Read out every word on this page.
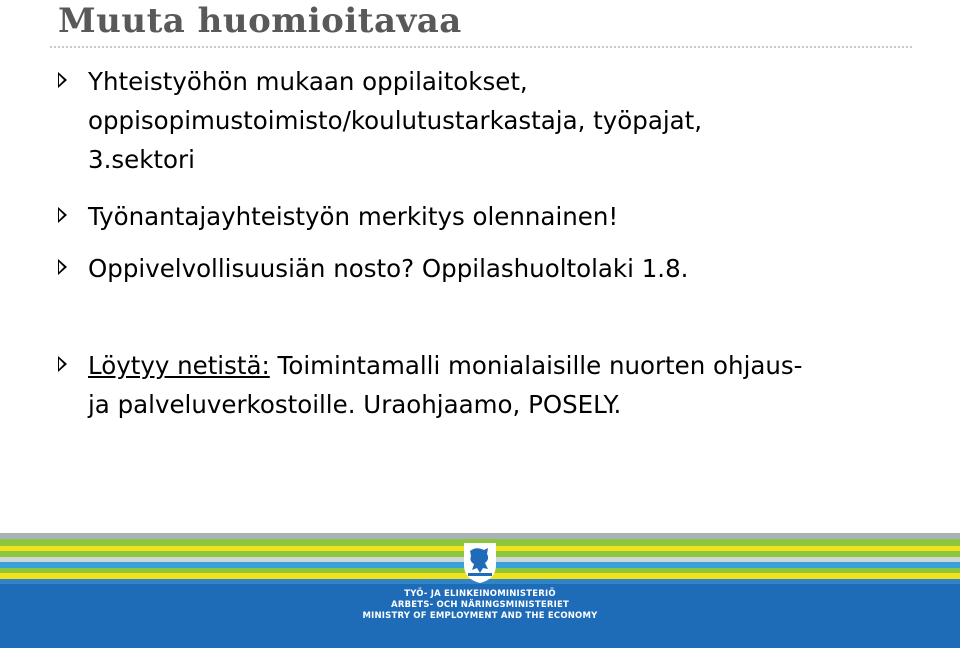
Muuta huomioitavaa
Yhteistyöhön mukaan oppilaitokset,
oppisopimustoimisto/koulutustarkastaja, työpajat,
3.sektori
Työnantajayhteistyön merkitys olennainen!
Oppivelvollisuusiän nosto? Oppilashuoltolaki 1.8.
Löytyy netistä: Toimintamalli monialaisille nuorten ohjaus-
ja palveluverkostoille. Uraohjaamo, POSELY.
TYÖ- JA ELINKEINOMINISTERIÖ
ARBETS- OCH NÄRINGSMINISTERIET
MINISTRY OF EMPLOYMENT AND THE ECONOMY
